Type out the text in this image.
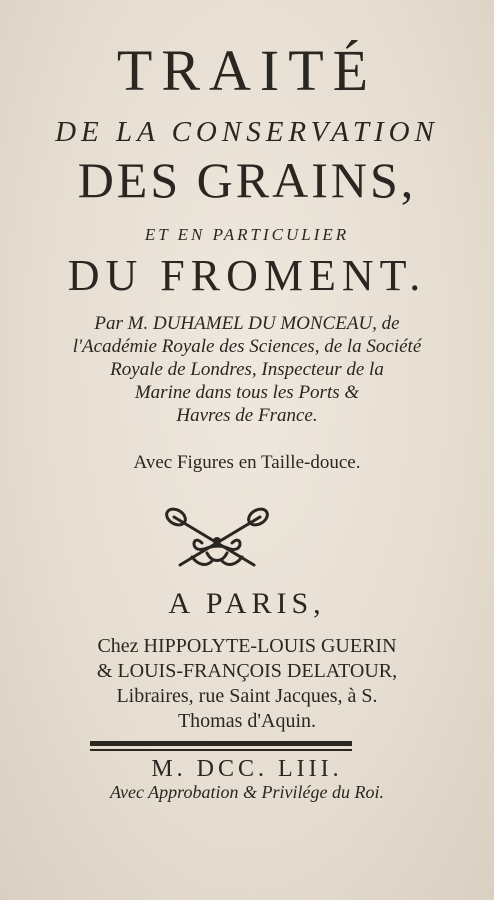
TRAITÉ
DE LA CONSERVATION
DES GRAINS,
ET EN PARTICULIER
DU FROMENT.
Par M. DUHAMEL DU MONCEAU, de
l'Académie Royale des Sciences, de la Société
Royale de Londres, Inspecteur de la
Marine dans tous les Ports &
Havres de France.
Avec Figures en Taille-douce.
A PARIS,
Chez HIPPOLYTE-LOUIS GUERIN
& LOUIS-FRANÇOIS DELATOUR,
Libraires, rue Saint Jacques, à S.
Thomas d'Aquin.
M. DCC. LIII.
Avec Approbation & Privilége du Roi.
